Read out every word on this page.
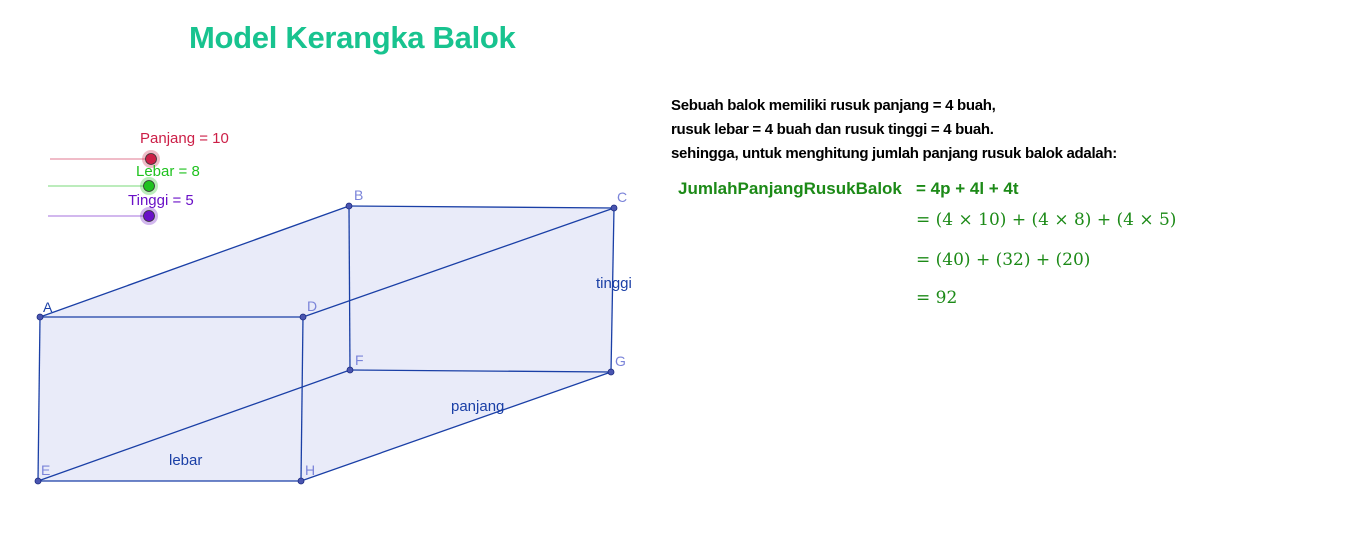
Model Kerangka Balok
A
B	C
D
E
F	G
H
tinggi
panjang
lebar
Panjang = 10
Lebar = 8
Tinggi = 5
Sebuah balok memiliki rusuk panjang = 4 buah,
rusuk lebar = 4 buah dan rusuk tinggi = 4 buah.
sehingga, untuk menghitung jumlah panjang rusuk balok adalah:
JumlahPanjangRusukBalok = 4p + 4l + 4t
= (4 × 10) + (4 × 8) + (4 × 5)
= (40) + (32) + (20)
= 92
